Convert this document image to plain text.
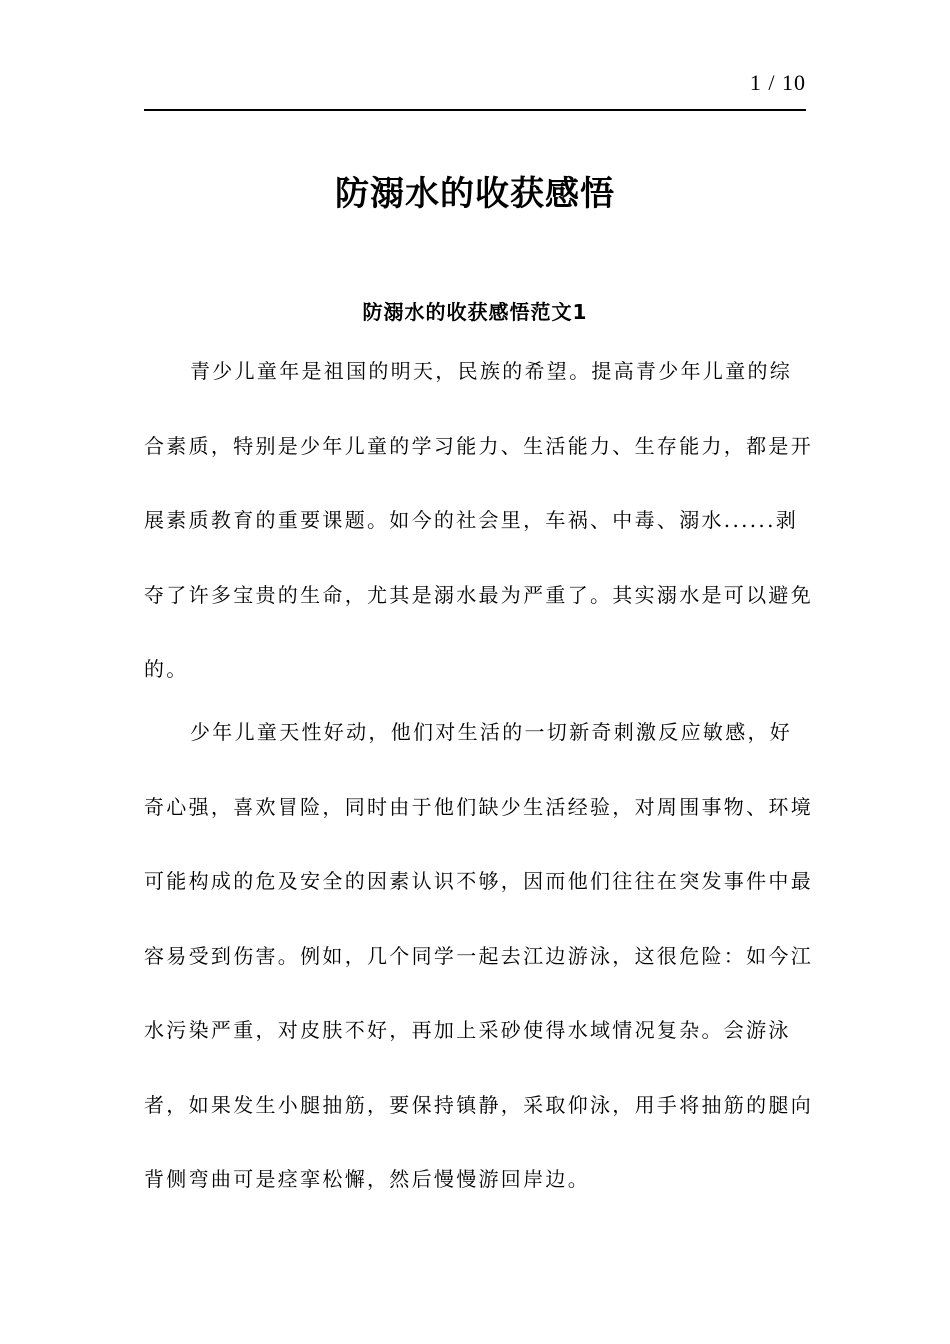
1 / 10
防溺水的收获感悟
防溺水的收获感悟范文1

青少儿童年是祖国的明天，民族的希望。提高青少年儿童的综合素质，特别是少年儿童的学习能力、生活能力、生存能力，都是开展素质教育的重要课题。如今的社会里，车祸、中毒、溺水......剥夺了许多宝贵的生命，尤其是溺水最为严重了。其实溺水是可以避免的。

少年儿童天性好动，他们对生活的一切新奇刺激反应敏感，好奇心强，喜欢冒险，同时由于他们缺少生活经验，对周围事物、环境可能构成的危及安全的因素认识不够，因而他们往往在突发事件中最容易受到伤害。例如，几个同学一起去江边游泳，这很危险：如今江水污染严重，对皮肤不好，再加上采砂使得水域情况复杂。会游泳者，如果发生小腿抽筋，要保持镇静，采取仰泳，用手将抽筋的腿向背侧弯曲可是痉挛松懈，然后慢慢游回岸边。
